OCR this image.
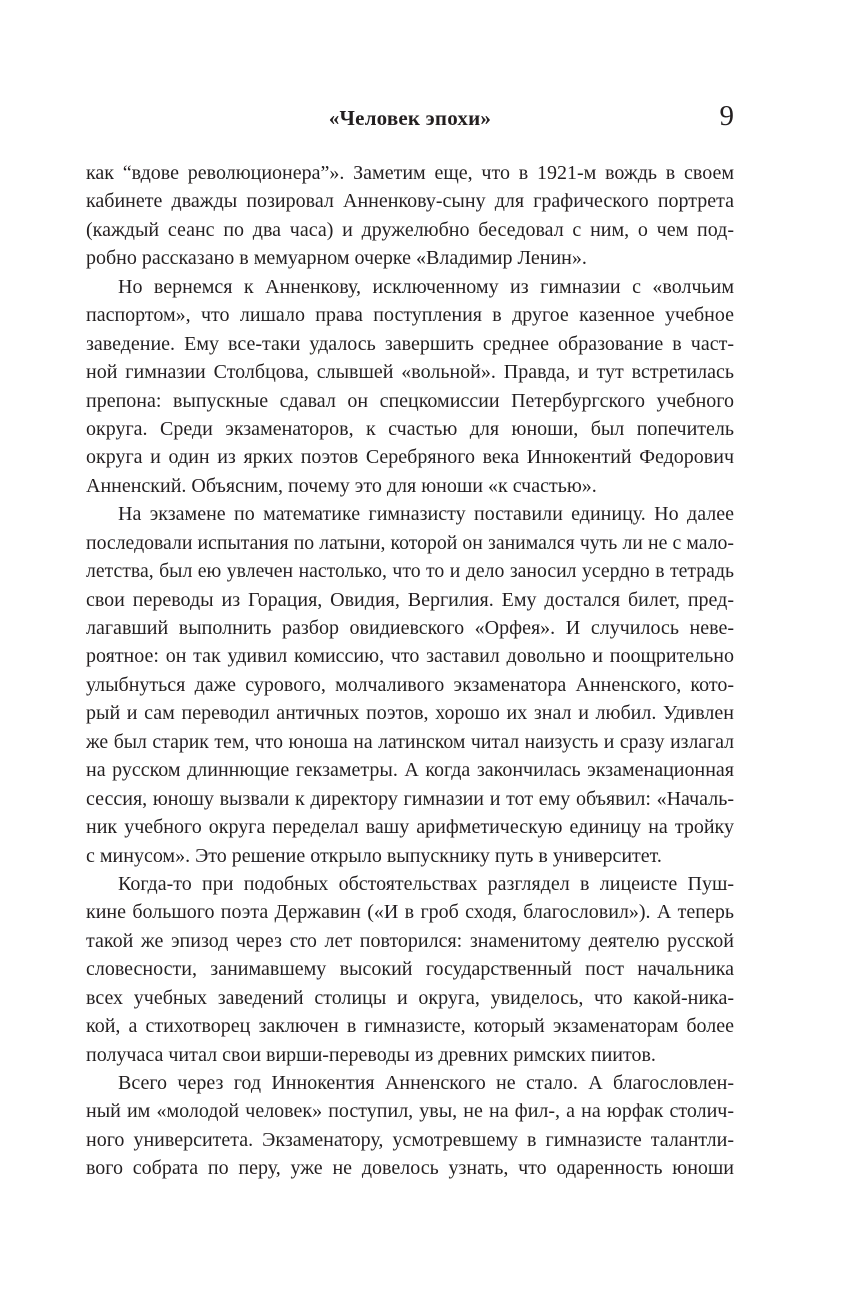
«Человек эпохи»	9
как “вдове революционера”». Заметим еще, что в 1921-м вождь в своем
кабинете дважды позировал Анненкову-сыну для графического портрета
(каждый сеанс по два часа) и дружелюбно беседовал с ним, о чем под-
робно рассказано в мемуарном очерке «Владимир Ленин».
Но вернемся к Анненкову, исключенному из гимназии с «волчьим
паспортом», что лишало права поступления в другое казенное учебное
заведение. Ему все-таки удалось завершить среднее образование в част-
ной гимназии Столбцова, слывшей «вольной». Правда, и тут встретилась
препона: выпускные сдавал он спецкомиссии Петербургского учебного
округа. Среди экзаменаторов, к счастью для юноши, был попечитель
округа и один из ярких поэтов Серебряного века Иннокентий Федорович
Анненский. Объясним, почему это для юноши «к счастью».
На экзамене по математике гимназисту поставили единицу. Но далее
последовали испытания по латыни, которой он занимался чуть ли не с мало-
летства, был ею увлечен настолько, что то и дело заносил усердно в тетрадь
свои переводы из Горация, Овидия, Вергилия. Ему достался билет, пред-
лагавший выполнить разбор овидиевского «Орфея». И случилось неве-
роятное: он так удивил комиссию, что заставил довольно и поощрительно
улыбнуться даже сурового, молчаливого экзаменатора Анненского, кото-
рый и сам переводил античных поэтов, хорошо их знал и любил. Удивлен
же был старик тем, что юноша на латинском читал наизусть и сразу излагал
на русском длиннющие гекзаметры. А когда закончилась экзаменационная
сессия, юношу вызвали к директору гимназии и тот ему объявил: «Началь-
ник учебного округа переделал вашу арифметическую единицу на тройку
с минусом». Это решение открыло выпускнику путь в университет.
Когда-то при подобных обстоятельствах разглядел в лицеисте Пуш-
кине большого поэта Державин («И в гроб сходя, благословил»). А теперь
такой же эпизод через сто лет повторился: знаменитому деятелю русской
словесности, занимавшему высокий государственный пост начальника
всех учебных заведений столицы и округа, увиделось, что какой-ника-
кой, а стихотворец заключен в гимназисте, который экзаменаторам более
получаса читал свои вирши-переводы из древних римских пиитов.
Всего через год Иннокентия Анненского не стало. А благословлен-
ный им «молодой человек» поступил, увы, не на фил-, а на юрфак столич-
ного университета. Экзаменатору, усмотревшему в гимназисте талантли-
вого собрата по перу, уже не довелось узнать, что одаренность юноши
